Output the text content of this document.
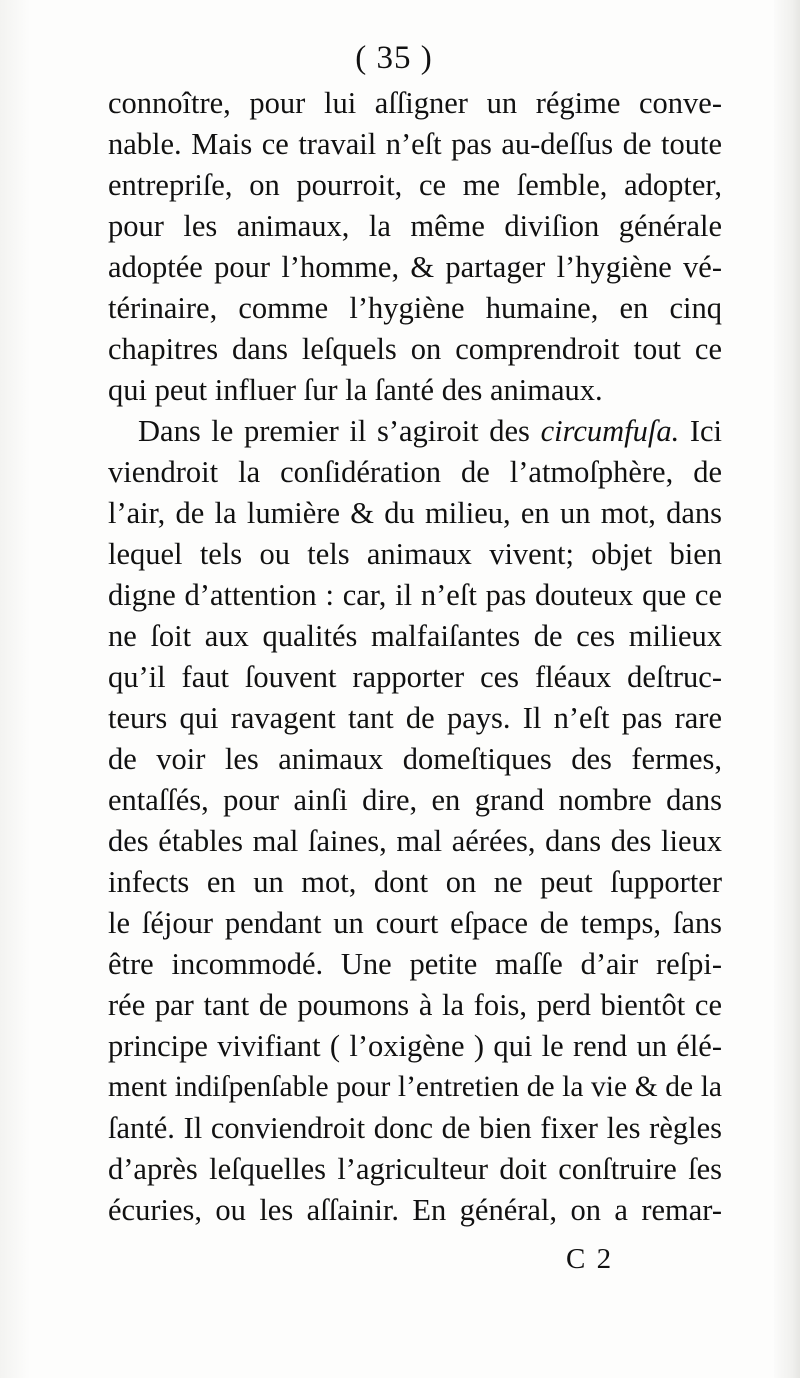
( 35 )
connoître, pour lui aſſigner un régime conve-
nable. Mais ce travail n’eſt pas au-deſſus de toute
entrepriſe, on pourroit, ce me ſemble, adopter,
pour les animaux, la même diviſion générale
adoptée pour l’homme, & partager l’hygiène vé-
térinaire, comme l’hygiène humaine, en cinq
chapitres dans leſquels on comprendroit tout ce
qui peut influer ſur la ſanté des animaux.
Dans le premier il s’agiroit des circumfuſa. Ici
viendroit la conſidération de l’atmoſphère, de
l’air, de la lumière & du milieu, en un mot, dans
lequel tels ou tels animaux vivent; objet bien
digne d’attention : car, il n’eſt pas douteux que ce
ne ſoit aux qualités malfaiſantes de ces milieux
qu’il faut ſouvent rapporter ces fléaux deſtruc-
teurs qui ravagent tant de pays. Il n’eſt pas rare
de voir les animaux domeſtiques des fermes,
entaſſés, pour ainſi dire, en grand nombre dans
des étables mal ſaines, mal aérées, dans des lieux
infects en un mot, dont on ne peut ſupporter
le ſéjour pendant un court eſpace de temps, ſans
être incommodé. Une petite maſſe d’air reſpi-
rée par tant de poumons à la fois, perd bientôt ce
principe vivifiant ( l’oxigène ) qui le rend un élé-
ment indiſpenſable pour l’entretien de la vie & de la
ſanté. Il conviendroit donc de bien fixer les règles
d’après leſquelles l’agriculteur doit conſtruire ſes
écuries, ou les aſſainir. En général, on a remar-
C 2
